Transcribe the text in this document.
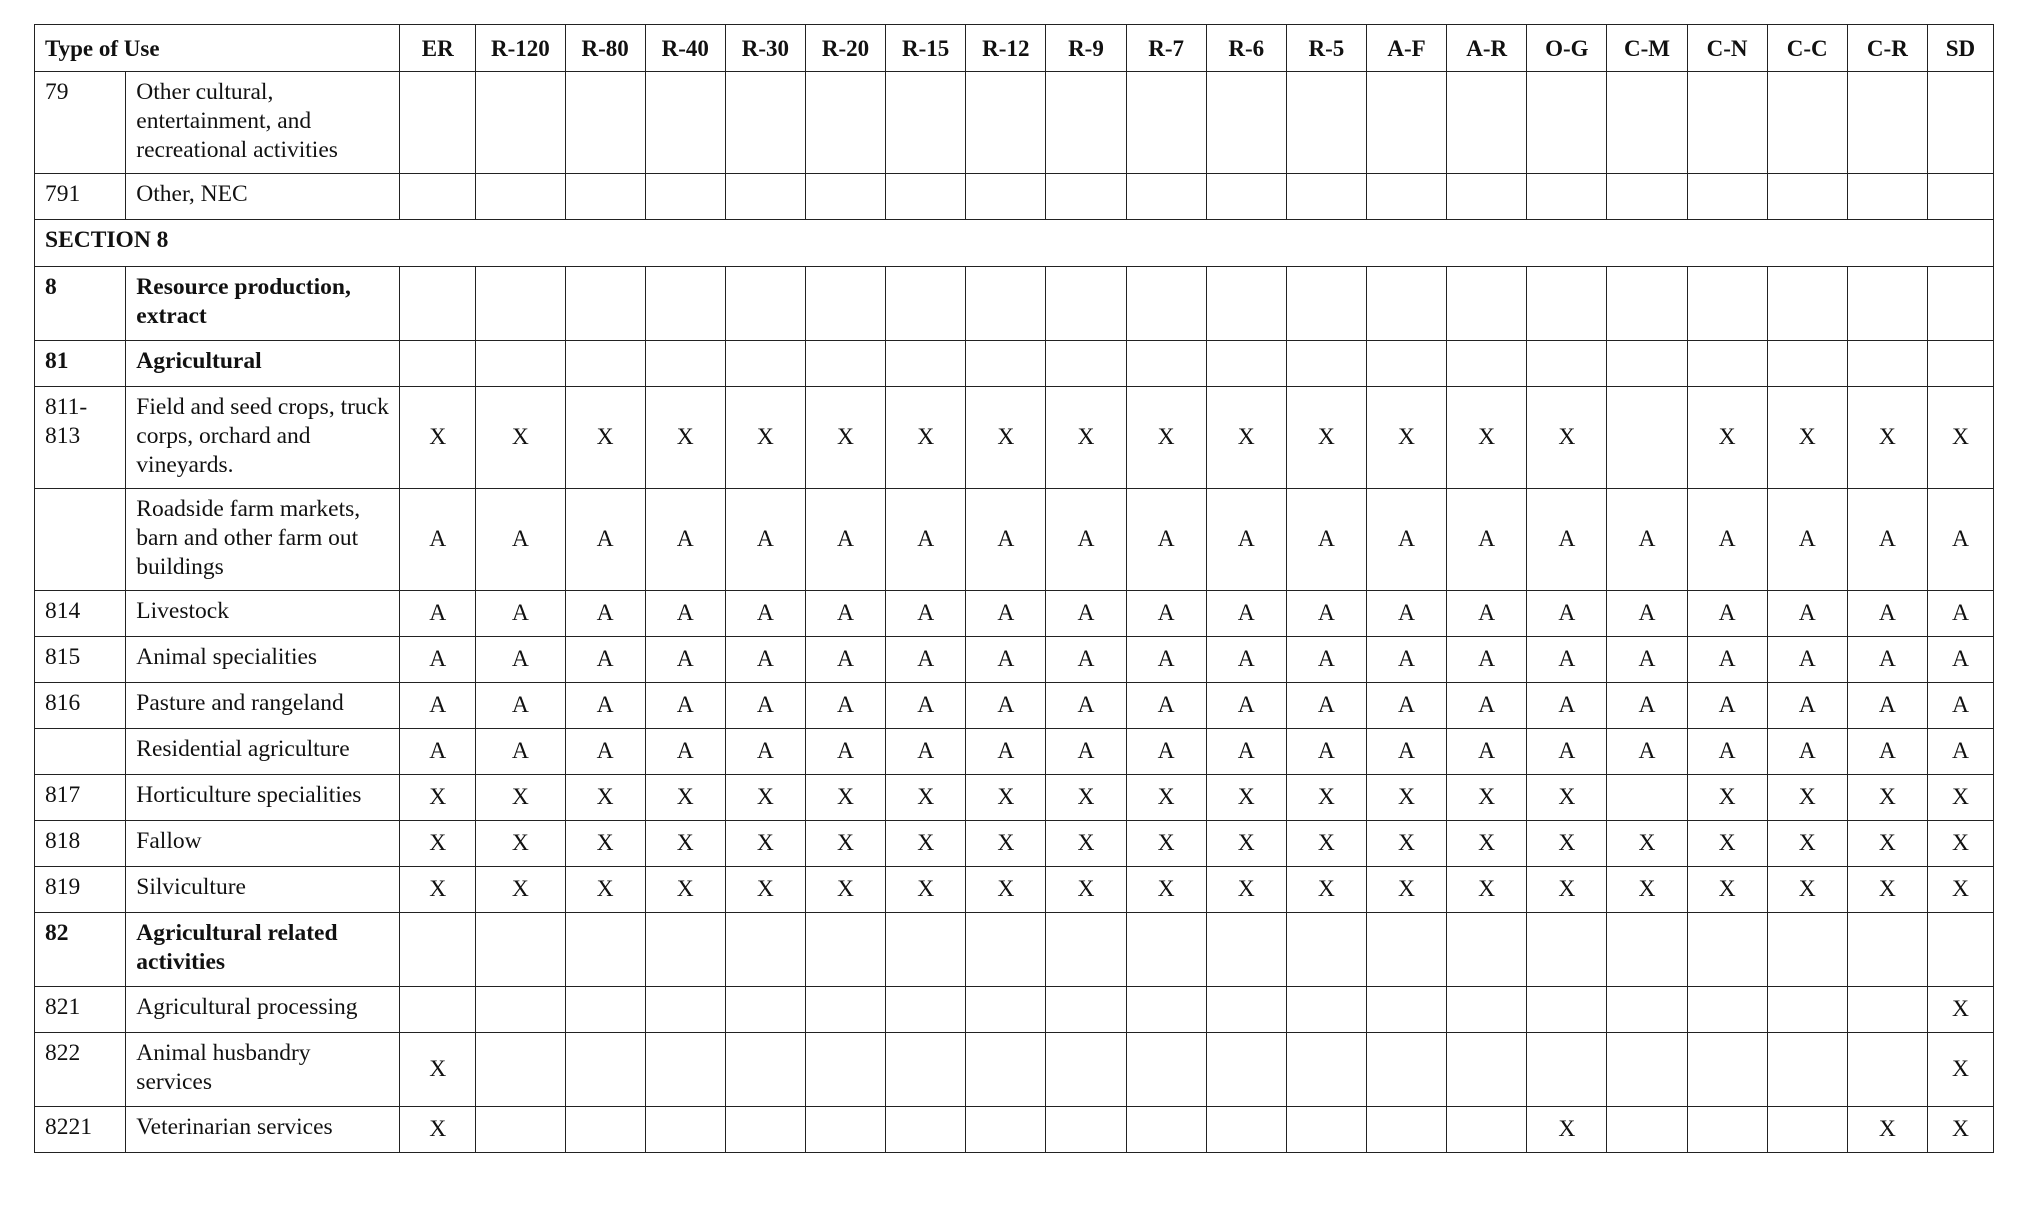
Type of Use		ER	R-120	R-80	R-40	R-30	R-20	R-15	R-12	R-9	R-7	R-6	R-5	A-F	A-R	O-G	C-M	C-N	C-C	C-R	SD
79	Other cultural, entertainment, and recreational activities																				
791	Other, NEC																				
SECTION 8																					
8	Resource production, extract																				
81	Agricultural																				
811-
813	Field and seed crops, truck corps, orchard and vineyards.	X	X	X	X	X	X	X	X	X	X	X	X	X	X	X		X	X	X	X
	Roadside farm markets, barn and other farm out buildings	A	A	A	A	A	A	A	A	A	A	A	A	A	A	A	A	A	A	A	A
814	Livestock	A	A	A	A	A	A	A	A	A	A	A	A	A	A	A	A	A	A	A	A
815	Animal specialities	A	A	A	A	A	A	A	A	A	A	A	A	A	A	A	A	A	A	A	A
816	Pasture and rangeland	A	A	A	A	A	A	A	A	A	A	A	A	A	A	A	A	A	A	A	A
	Residential agriculture	A	A	A	A	A	A	A	A	A	A	A	A	A	A	A	A	A	A	A	A
817	Horticulture specialities	X	X	X	X	X	X	X	X	X	X	X	X	X	X	X		X	X	X	X
818	Fallow	X	X	X	X	X	X	X	X	X	X	X	X	X	X	X	X	X	X	X	X
819	Silviculture	X	X	X	X	X	X	X	X	X	X	X	X	X	X	X	X	X	X	X	X
82	Agricultural related activities																				
821	Agricultural processing																				X
822	Animal husbandry services	X																			X
8221	Veterinarian services	X														X				X	X
